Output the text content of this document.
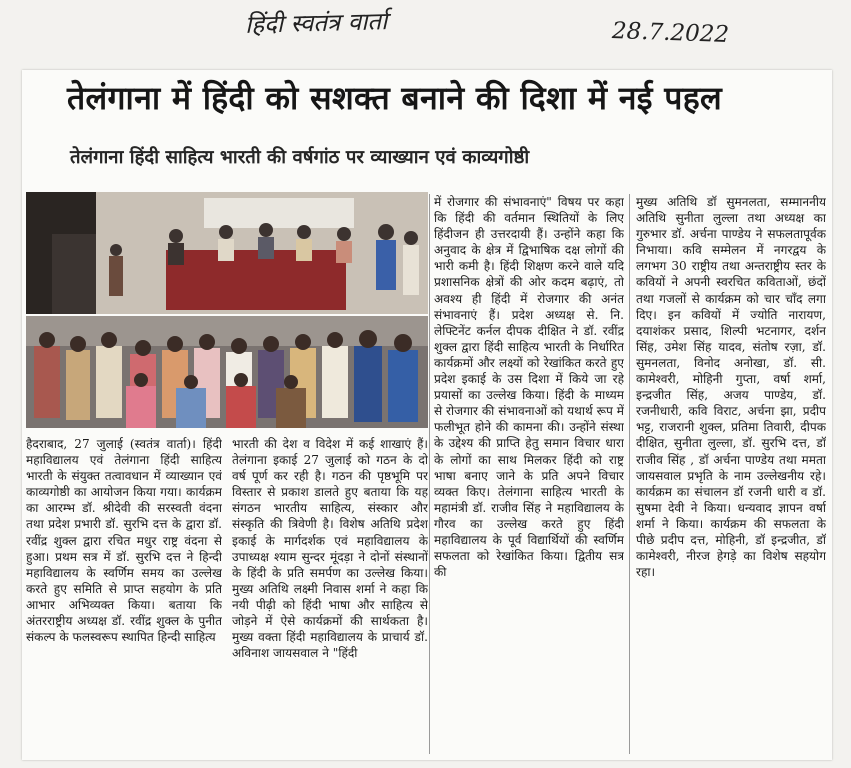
हिंदी स्वतंत्र वार्ता	28.7.2022
तेलंगाना में हिंदी को सशक्त बनाने की दिशा में नई पहल
तेलंगाना हिंदी साहित्य भारती की वर्षगांठ पर व्याख्यान एवं काव्यगोष्ठी
हैदराबाद, 27 जुलाई (स्वतंत्र वार्ता)। हिंदी महाविद्यालय एवं तेलंगाना हिंदी साहित्य भारती के संयुक्त तत्वावधान में व्याख्यान एवं काव्यगोष्ठी का आयोजन किया गया। कार्यक्रम का आरम्भ डॉ. श्रीदेवी की सरस्वती वंदना तथा प्रदेश प्रभारी डॉ. सुरभि दत्त के द्वारा डॉ. रवींद्र शुक्ल द्वारा रचित मधुर राष्ट्र वंदना से हुआ। प्रथम सत्र में डॉ. सुरभि दत्त ने हिन्दी महाविद्यालय के स्वर्णिम समय का उल्लेख करते हुए समिति से प्राप्त सहयोग के प्रति आभार अभिव्यक्त किया। बताया कि अंतरराष्ट्रीय अध्यक्ष डॉ. रवींद्र शुक्ल के पुनीत संकल्प के फलस्वरूप स्थापित हिन्दी साहित्य
भारती की देश व विदेश में कई शाखाएं हैं। तेलंगाना इकाई 27 जुलाई को गठन के दो वर्ष पूर्ण कर रही है। गठन की पृष्ठभूमि पर विस्तार से प्रकाश डालते हुए बताया कि यह संगठन भारतीय साहित्य, संस्कार और संस्कृति की त्रिवेणी है। विशेष अतिथि प्रदेश इकाई के मार्गदर्शक एवं महाविद्यालय के उपाध्यक्ष श्याम सुन्दर मूंदड़ा ने दोनों संस्थानों के हिंदी के प्रति समर्पण का उल्लेख किया। मुख्य अतिथि लक्ष्मी निवास शर्मा ने कहा कि नयी पीढ़ी को हिंदी भाषा और साहित्य से जोड़ने में ऐसे कार्यक्रमों की सार्थकता है। मुख्य वक्ता हिंदी महाविद्यालय के प्राचार्य डॉ. अविनाश जायसवाल ने "हिंदी
में रोजगार की संभावनाएं" विषय पर कहा कि हिंदी की वर्तमान स्थितियों के लिए हिंदीजन ही उत्तरदायी हैं। उन्होंने कहा कि अनुवाद के क्षेत्र में द्विभाषिक दक्ष लोगों की भारी कमी है। हिंदी शिक्षण करने वाले यदि प्रशासनिक क्षेत्रों की ओर कदम बढ़ाएं, तो अवश्य ही हिंदी में रोजगार की अनंत संभावनाएं हैं। प्रदेश अध्यक्ष से. नि. लेफ्टिनेंट कर्नल दीपक दीक्षित ने डॉ. रवींद्र शुक्ल द्वारा हिंदी साहित्य भारती के निर्धारित कार्यक्रमों और लक्ष्यों को रेखांकित करते हुए प्रदेश इकाई के उस दिशा में किये जा रहे प्रयासों का उल्लेख किया। हिंदी के माध्यम से रोजगार की संभावनाओं को यथार्थ रूप में फलीभूत होने की कामना की। उन्होंने संस्था के उद्देश्य की प्राप्ति हेतु समान विचार धारा के लोगों का साथ मिलकर हिंदी को राष्ट्र भाषा बनाए जाने के प्रति अपने विचार व्यक्त किए। तेलंगाना साहित्य भारती के महामंत्री डॉ. राजीव सिंह ने महाविद्यालय के गौरव का उल्लेख करते हुए हिंदी महाविद्यालय के पूर्व विद्यार्थियों की स्वर्णिम सफलता को रेखांकित किया। द्वितीय सत्र की
मुख्य अतिथि डॉ सुमनलता, सम्माननीय अतिथि सुनीता लुल्ला तथा अध्यक्ष का गुरुभार डॉ. अर्चना पाण्डेय ने सफलतापूर्वक निभाया। कवि सम्मेलन में नगरद्वय के लगभग 30 राष्ट्रीय तथा अन्तराष्ट्रीय स्तर के कवियों ने अपनी स्वरचित कविताओं, छंदों तथा गजलों से कार्यक्रम को चार चाँद लगा दिए। इन कवियों में ज्योति नारायण, दयाशंकर प्रसाद, शिल्पी भटनागर, दर्शन सिंह, उमेश सिंह यादव, संतोष रज़ा, डॉ. सुमनलता, विनोद अनोखा, डॉ. सी. कामेश्वरी, मोहिनी गुप्ता, वर्षा शर्मा, इन्द्रजीत सिंह, अजय पाण्डेय, डॉ. रजनीधारी, कवि विराट, अर्चना झा, प्रदीप भट्ट, राजरानी शुक्ल, प्रतिमा तिवारी, दीपक दीक्षित, सुनीता लुल्ला, डॉ. सुरभि दत्त, डॉ राजीव सिंह , डॉ अर्चना पाण्डेय तथा ममता जायसवाल प्रभृति के नाम उल्लेखनीय रहे। कार्यक्रम का संचालन डॉ रजनी धारी व डॉ. सुषमा देवी ने किया। धन्यवाद ज्ञापन वर्षा शर्मा ने किया। कार्यक्रम की सफलता के पीछे प्रदीप दत्त, मोहिनी, डॉ इन्द्रजीत, डॉ कामेश्वरी, नीरज हेगड़े का विशेष सहयोग रहा।
